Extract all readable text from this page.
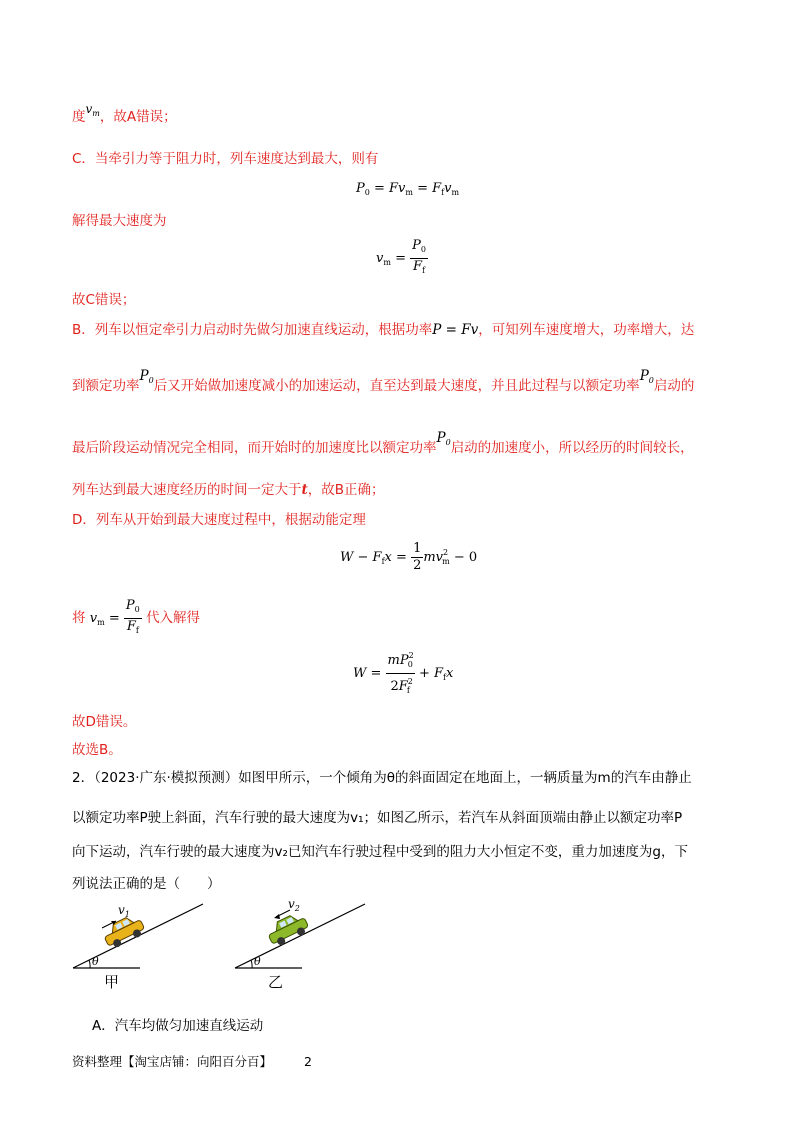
度$v_m$，故A错误；
C．当牵引力等于阻力时，列车速度达到最大，则有
$P_0 = Fv_m = F_fv_m$
解得最大速度为
$v_m = \frac{P_0}{F_f}$
故C错误；
B．列车以恒定牵引力启动时先做匀加速直线运动，根据功率P = Fv，可知列车速度增大，功率增大，达
到额定功率$P_0$后又开始做加速度减小的加速运动，直至达到最大速度，并且此过程与以额定功率$P_0$启动的
最后阶段运动情况完全相同，而开始时的加速度比以额定功率$P_0$启动的加速度小，所以经历的时间较长，
列车达到最大速度经历的时间一定大于t，故B正确；
D．列车从开始到最大速度过程中，根据动能定理
$W - F_fx = \frac{1}{2} mv^2_m - 0$
将 $v_m = \frac{P_0}{F_f}$ 代入解得
$W = \frac{mP^2_0}{2F^2_f} + F_fx$
故D错误。
故选B。
2．（2023·广东·模拟预测）如图甲所示，一个倾角为θ的斜面固定在地面上，一辆质量为m的汽车由静止
以额定功率P驶上斜面，汽车行驶的最大速度为v₁；如图乙所示，若汽车从斜面顶端由静止以额定功率P
向下运动，汽车行驶的最大速度为v₂已知汽车行驶过程中受到的阻力大小恒定不变，重力加速度为g，下
列说法正确的是（　　）
θ
$v_1$
甲
θ
$v_2$
乙
A．汽车均做匀加速直线运动
资料整理【淘宝店铺：向阳百分百】	2
